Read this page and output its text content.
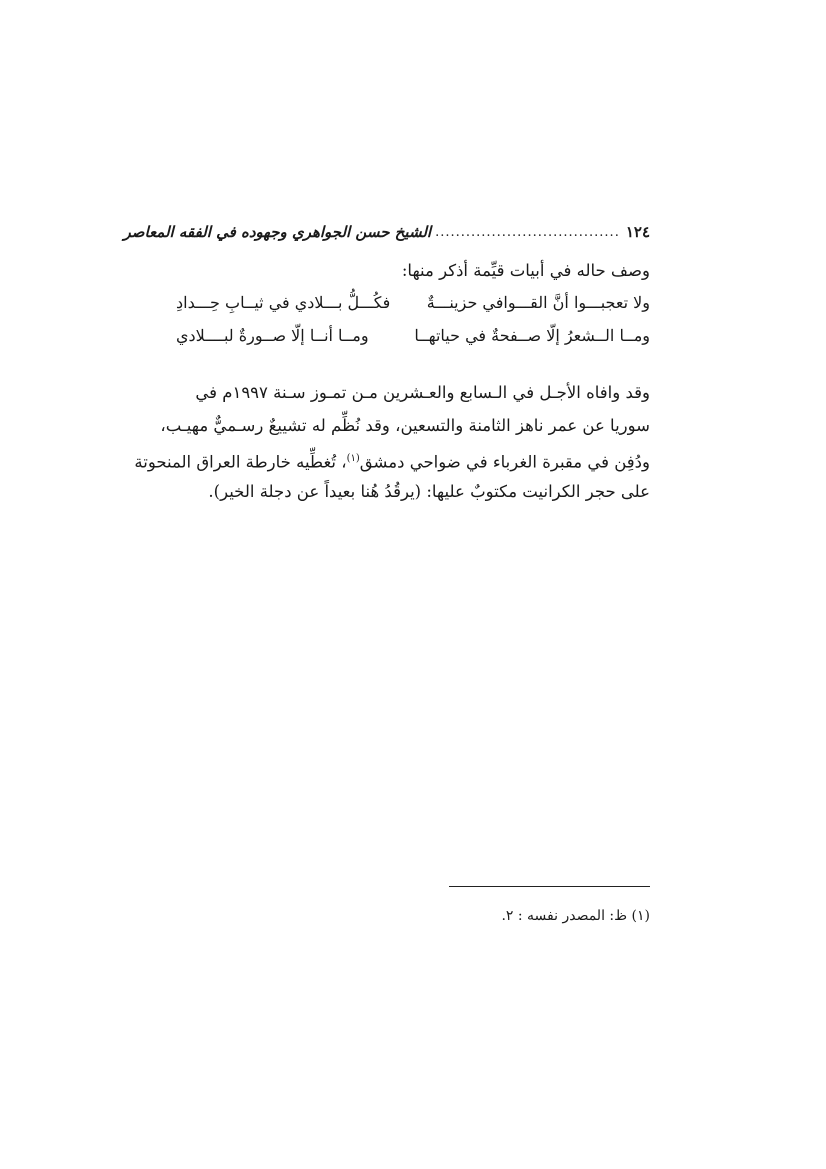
١٢٤
....................................
الشيخ حسن الجواهري وجهوده في الفقه المعاصر
وصف حاله في أبيات قيِّمة أذكر منها:
ولا تعجبـــوا أنَّ القـــوافي حزينـــةٌ
فكُـــلُّ بـــلادي في ثيــابِ حِـــدادِ
ومــا الــشعرُ إلّا صــفحةٌ في حياتهــا
ومــا أنــا إلّا صــورةٌ لبــــلادي
وقد وافاه الأجـل في الـسابع والعـشرين مـن تمـوز سـنة ١٩٩٧م في
سوريا عن عمر ناهز الثامنة والتسعين، وقد نُظِّم له تشييعٌ رسـميٌّ مهيـب،
ودُفِن في مقبرة الغرباء في ضواحي دمشق$^{(١)}$، تُغطِّيه خارطة العراق المنحوتة
على حجر الكرانيت مكتوبٌ عليها: (يرقُدُ هُنا بعيداً عن دجلة الخير).
(١) ظ: المصدر نفسه : ٢.
